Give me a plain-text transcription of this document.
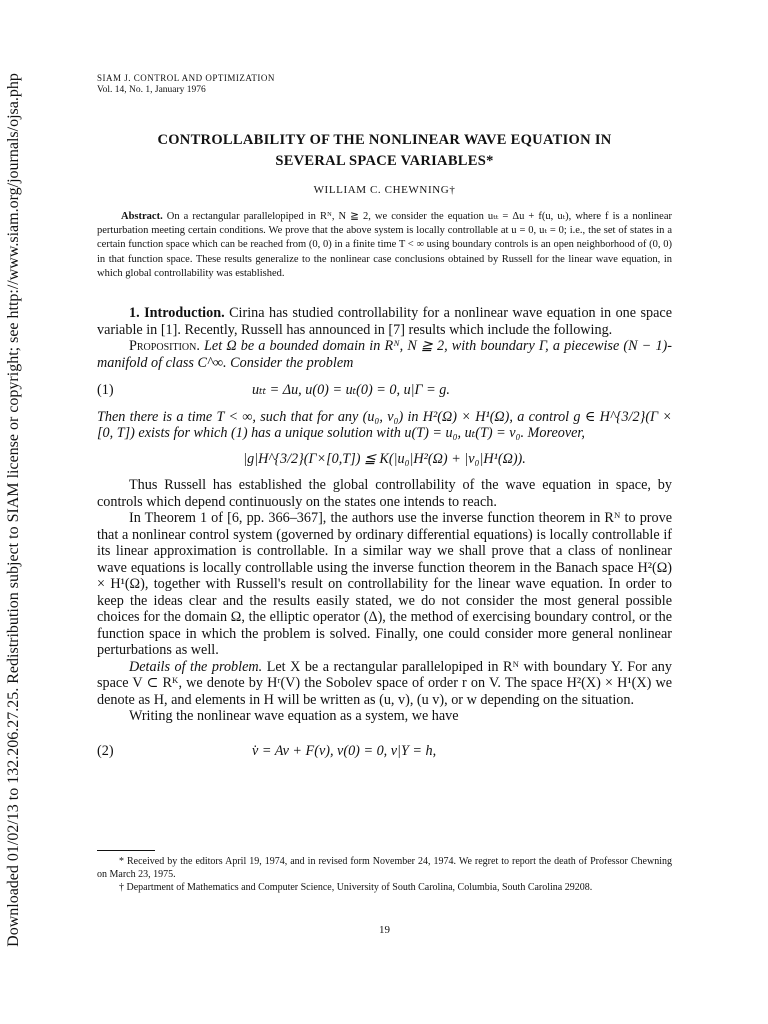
Downloaded 01/02/13 to 132.206.27.25. Redistribution subject to SIAM license or copyright; see http://www.siam.org/journals/ojsa.php	SIAM J. CONTROL AND OPTIMIZATION
Vol. 14, No. 1, January 1976
CONTROLLABILITY OF THE NONLINEAR WAVE EQUATION IN
SEVERAL SPACE VARIABLES*
WILLIAM C. CHEWNING†
Abstract. On a rectangular parallelopiped in Rᴺ, N ≧ 2, we consider the equation uₜₜ = Δu + f(u, uₜ), where f is a nonlinear perturbation meeting certain conditions. We prove that the above system is locally controllable at u = 0, uₜ = 0; i.e., the set of states in a certain function space which can be reached from (0, 0) in a finite time T < ∞ using boundary controls is an open neighborhood of (0, 0) in that function space. These results generalize to the nonlinear case conclusions obtained by Russell for the linear wave equation, in which global controllability was established.

1. Introduction. Cirina has studied controllability for a nonlinear wave equation in one space variable in [1]. Recently, Russell has announced in [7] results which include the following.

Proposition. Let Ω be a bounded domain in Rᴺ, N ≧ 2, with boundary Γ, a piecewise (N − 1)-manifold of class C^∞. Consider the problem

(1)	uₜₜ = Δu, u(0) = uₜ(0) = 0, u|Γ = g.

Then there is a time T < ∞, such that for any (u₀, v₀) in H²(Ω) × H¹(Ω), a control g ∈ H^{3/2}(Γ × [0, T]) exists for which (1) has a unique solution with u(T) = u₀, uₜ(T) = v₀. Moreover,

|g|H^{3/2}(Γ×[0,T]) ≦ K(|u₀|H²(Ω) + |v₀|H¹(Ω)).

Thus Russell has established the global controllability of the wave equation in space, by controls which depend continuously on the states one intends to reach.

In Theorem 1 of [6, pp. 366–367], the authors use the inverse function theorem in Rᴺ to prove that a nonlinear control system (governed by ordinary differential equations) is locally controllable if its linear approximation is controllable. In a similar way we shall prove that a class of nonlinear wave equations is locally controllable using the inverse function theorem in the Banach space H²(Ω) × H¹(Ω), together with Russell's result on controllability for the linear wave equation. In order to keep the ideas clear and the results easily stated, we do not consider the most general possible choices for the domain Ω, the elliptic operator (Δ), the method of exercising boundary control, or the function space in which the problem is solved. Finally, one could consider more general nonlinear perturbations as well.

Details of the problem. Let X be a rectangular parallelopiped in Rᴺ with boundary Y. For any space V ⊂ Rᴷ, we denote by Hʳ(V) the Sobolev space of order r on V. The space H²(X) × H¹(X) we denote as H, and elements in H will be written as (u, v), (u v), or w depending on the situation.

Writing the nonlinear wave equation as a system, we have

(2)	v̇ = Av + F(v), v(0) = 0, v|Y = h,

* Received by the editors April 19, 1974, and in revised form November 24, 1974. We regret to report the death of Professor Chewning on March 23, 1975.

† Department of Mathematics and Computer Science, University of South Carolina, Columbia, South Carolina 29208.

19
